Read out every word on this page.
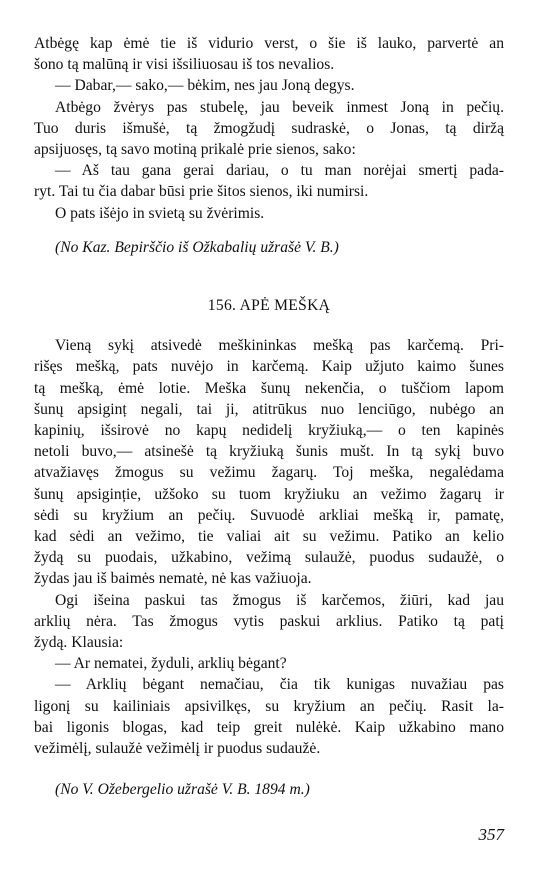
Atbėgę kap ėmė tie iš vidurio verst, o šie iš lauko, parvertė an
šono tą malūną ir visi išsiliuosau iš tos nevalios.
— Dabar,— sako,— bėkim, nes jau Joną degys.
Atbėgo žvėrys pas stubelę, jau beveik inmest Joną in pečių.
Tuo duris išmušė, tą žmogžudį sudraskė, o Jonas, tą diržą
apsijuosęs, tą savo motiną prikalė prie sienos, sako:
— Aš tau gana gerai dariau, o tu man norėjai smertį pada-
ryt. Tai tu čia dabar būsi prie šitos sienos, iki numirsi.
O pats išėjo in svietą su žvėrimis.
(No Kaz. Bepirščio iš Ožkabalių užrašė V. B.)
156. APĖ MEŠKĄ
Vieną sykį atsivedė meškininkas mešką pas karčemą. Pri-
rišęs mešką, pats nuvėjo in karčemą. Kaip užjuto kaimo šunes
tą mešką, ėmė lotie. Meška šunų nekenčia, o tuščiom lapom
šunų apsiginț negali, tai ji, atitrūkus nuo lenciūgo, nubėgo an
kapinių, išsirovė no kapų nedidelį kryžiuką,— o ten kapinės
netoli buvo,— atsinešė tą kryžiuką šunis mušt. In tą sykį buvo
atvažiavęs žmogus su vežimu žagarų. Toj meška, negalėdama
šunų apsiginție, užšoko su tuom kryžiuku an vežimo žagarų ir
sėdi su kryžium an pečių. Suvuodė arkliai mešką ir, pamatę,
kad sėdi an vežimo, tie valiai ait su vežimu. Patiko an kelio
žydą su puodais, užkabino, vežimą sulaužė, puodus sudaužė, o
žydas jau iš baimės nematė, nė kas važiuoja.
Ogi išeina paskui tas žmogus iš karčemos, žiūri, kad jau
arklių nėra. Tas žmogus vytis paskui arklius. Patiko tą patį
žydą. Klausia:
— Ar nematei, žyduli, arklių bėgant?
— Arklių bėgant nemačiau, čia tik kunigas nuvažiau pas
ligonį su kailiniais apsivilkęs, su kryžium an pečių. Rasit la-
bai ligonis blogas, kad teip greit nulėkė. Kaip užkabino mano
vežimėlį, sulaužė vežimėlį ir puodus sudaužė.
(No V. Ožebergelio užrašė V. B. 1894 m.)
357
